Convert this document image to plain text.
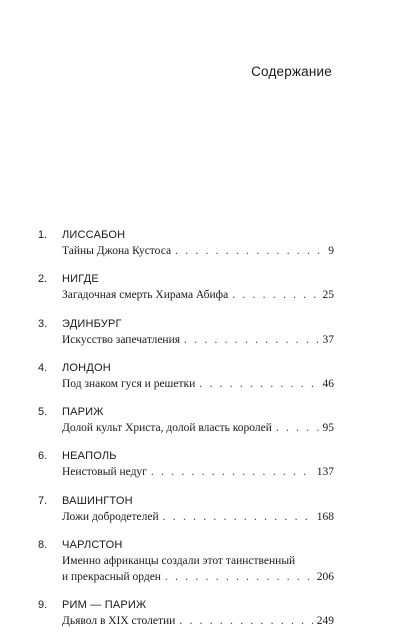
Содержание
1.	ЛИССАБОН
Тайны Джона Кустоса . . .	9
2.	НИГДЕ
Загадочная смерть Хирама Абифа . . .	25
3.	ЭДИНБУРГ
Искусство запечатления . . .	37
4.	ЛОНДОН
Под знаком гуся и решетки . . .	46
5.	ПАРИЖ
Долой культ Христа, долой власть королей . . .	95
6.	НЕАПОЛЬ
Неистовый недуг . . .	137
7.	ВАШИНГТОН
Ложи добродетелей . . .	168
8.	ЧАРЛСТОН
Именно африканцы создали этот таинственный
и прекрасный орден . . .	206
9.	РИМ — ПАРИЖ
Дьявол в XIX столетии . . .	249
